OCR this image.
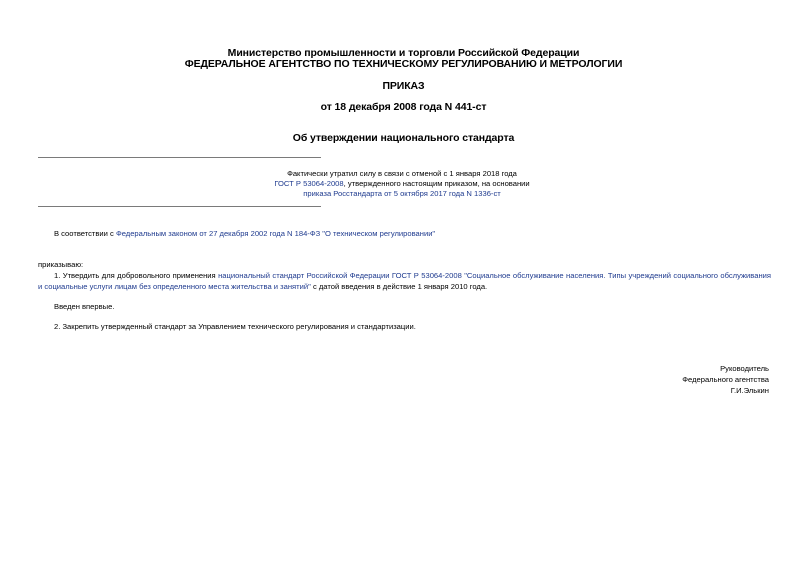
Министерство промышленности и торговли Российской Федерации
ФЕДЕРАЛЬНОЕ АГЕНТСТВО ПО ТЕХНИЧЕСКОМУ РЕГУЛИРОВАНИЮ И МЕТРОЛОГИИ
ПРИКАЗ
от 18 декабря 2008 года N 441-ст
Об утверждении национального стандарта
Фактически утратил силу в связи с отменой с 1 января 2018 года
ГОСТ Р 53064-2008, утвержденного настоящим приказом, на основании
приказа Росстандарта от 5 октября 2017 года N 1336-ст
В соответствии с Федеральным законом от 27 декабря 2002 года N 184-ФЗ "О техническом регулировании"
приказываю:
1. Утвердить для добровольного применения национальный стандарт Российской Федерации ГОСТ Р 53064-2008 "Социальное обслуживание населения. Типы учреждений социального обслуживания и социальные услуги лицам без определенного места жительства и занятий" с датой введения в действие 1 января 2010 года.
Введен впервые.
2. Закрепить утвержденный стандарт за Управлением технического регулирования и стандартизации.
Руководитель
Федерального агентства
Г.И.Элькин
